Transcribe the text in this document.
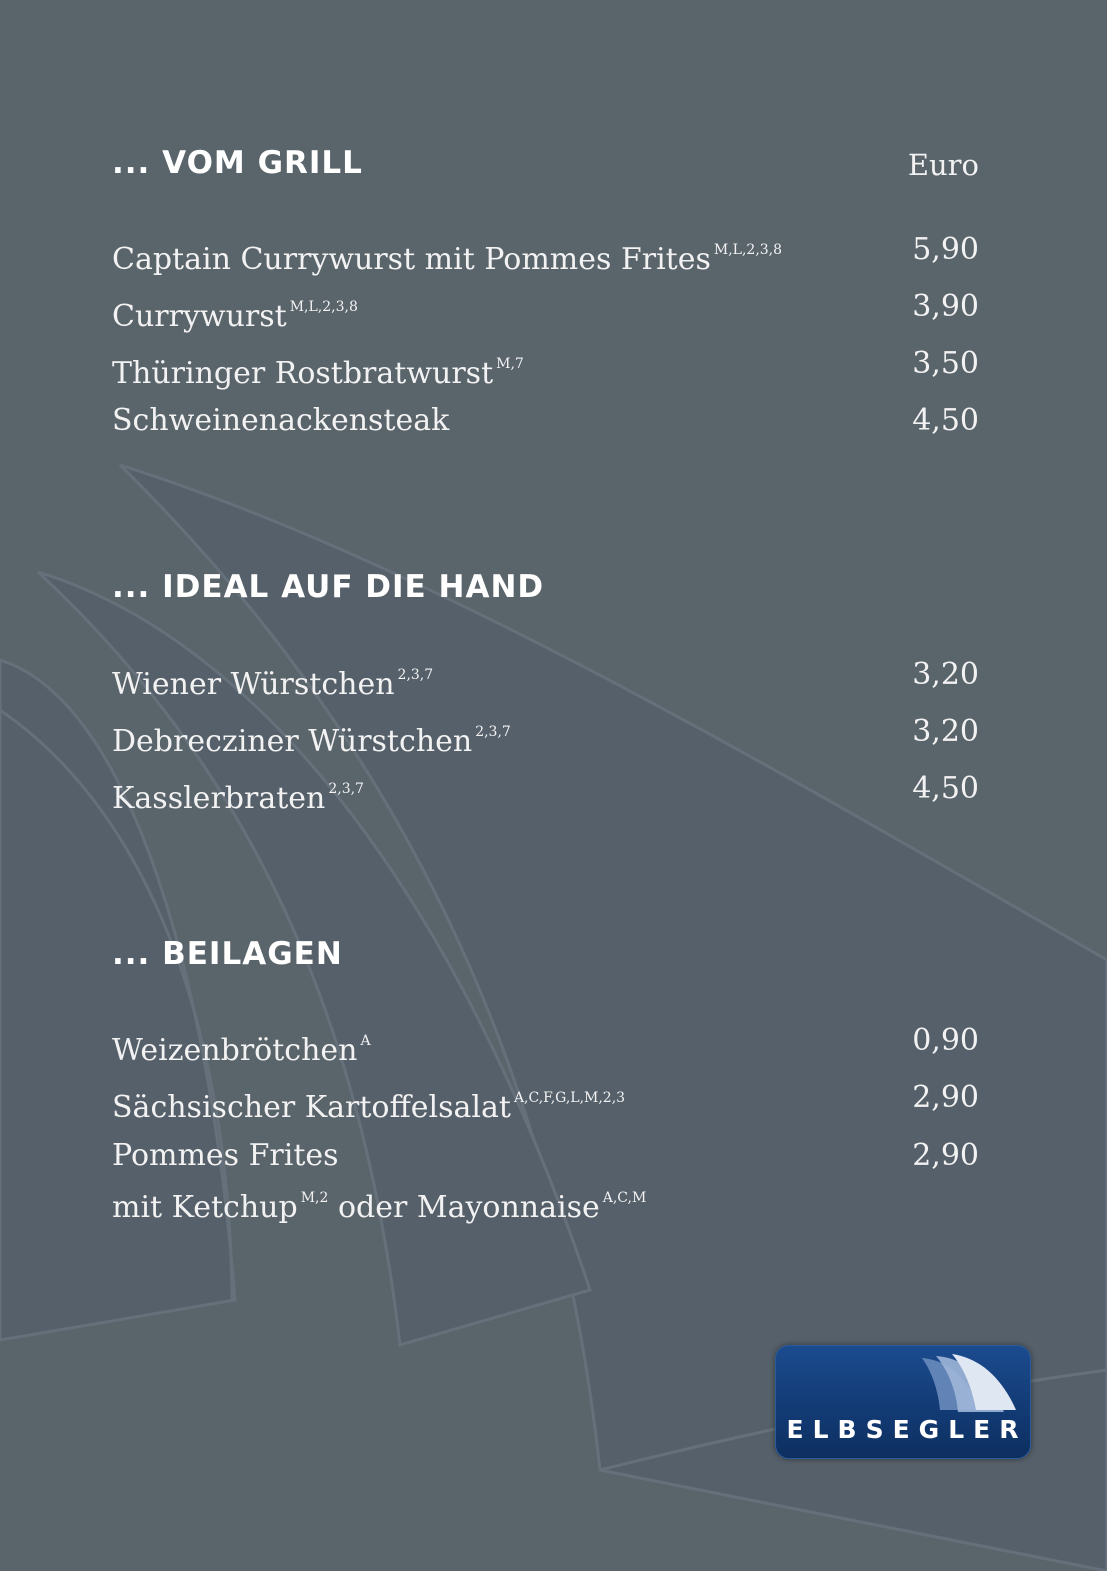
... VOM GRILL	Euro
Captain Currywurst mit Pommes Frites $^{M,L,2,3,8}$	5,90
Currywurst $^{M,L,2,3,8}$	3,90
Thüringer Rostbratwurst $^{M,7}$	3,50
Schweinenackensteak	4,50
... IDEAL AUF DIE HAND
Wiener Würstchen $^{2,3,7}$	3,20
Debrecziner Würstchen $^{2,3,7}$	3,20
Kasslerbraten $^{2,3,7}$	4,50
... BEILAGEN
Weizenbrötchen $^A$	0,90
Sächsischer Kartoffelsalat $^{A,C,F,G,L,M,2,3}$	2,90
Pommes Frites	2,90
mit Ketchup $^{M,2}$ oder Mayonnaise $^{A,C,M}$
ELBSEGLER
